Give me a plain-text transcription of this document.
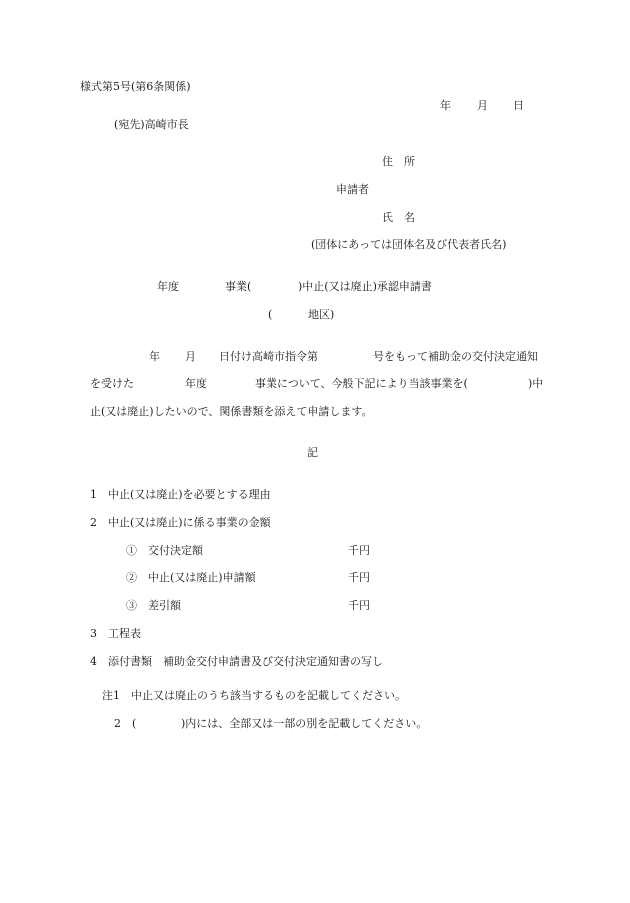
様式第5号(第6条関係)
年 月 日
(宛先)高崎市長
住　所
申請者
氏　名
(団体にあっては団体名及び代表者氏名)
年度	事業(	)中止(又は廃止)承認申請書
(	地区)
年 月 日付け高崎市指令第	号をもって補助金の交付決定通知
を受けた	年度	事業について、今般下記により当該事業を(	)中
止(又は廃止)したいので、関係書類を添えて申請します。
記
1　中止(又は廃止)を必要とする理由
2　中止(又は廃止)に係る事業の金額
①　交付決定額	千円
②　中止(又は廃止)申請額	千円
③　差引額	千円
3　工程表
4　添付書類　補助金交付申請書及び交付決定通知書の写し
注1　中止又は廃止のうち該当するものを記載してください。
2　(	)内には、全部又は一部の別を記載してください。
